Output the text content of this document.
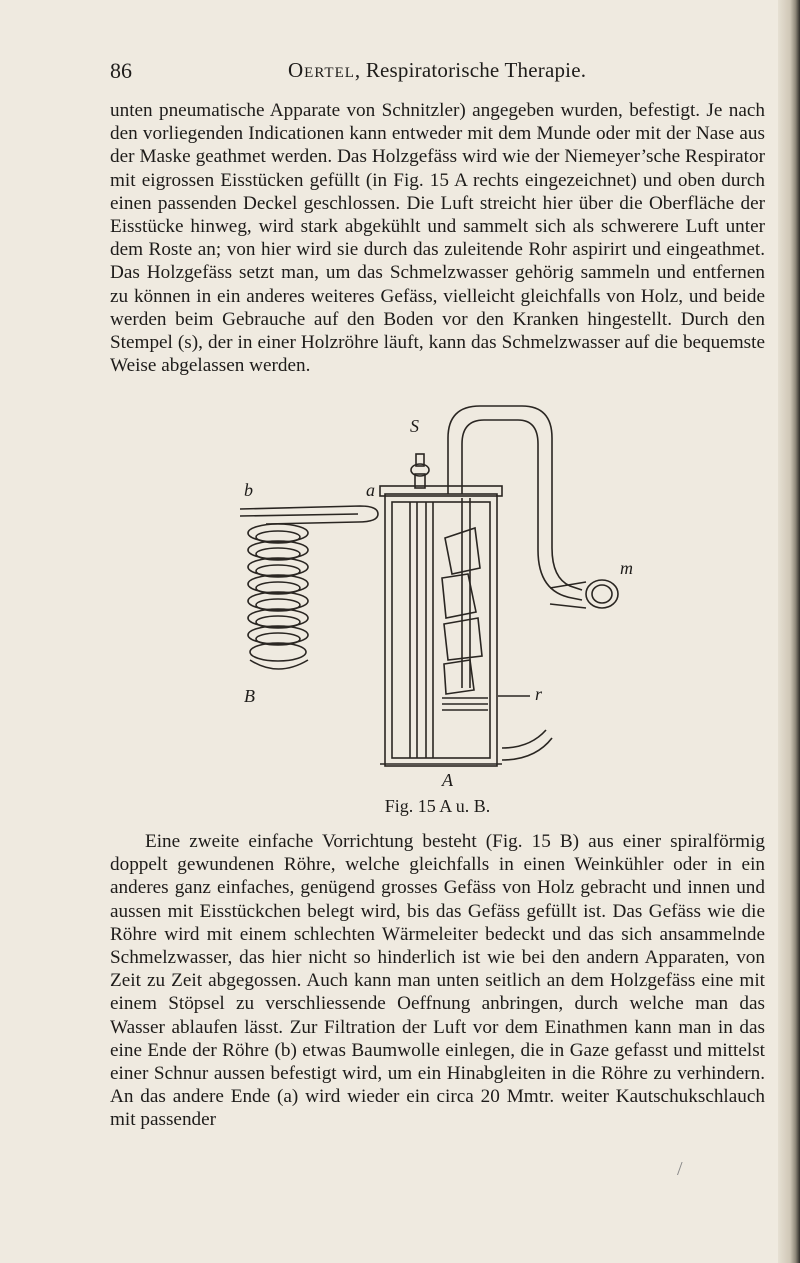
86	Oertel, Respiratorische Therapie.

unten pneumatische Apparate von Schnitzler) angegeben wurden, befestigt. Je nach den vorliegenden Indicationen kann entweder mit dem Munde oder mit der Nase aus der Maske geathmet werden. Das Holzgefäss wird wie der Niemeyer’sche Respirator mit eigrossen Eisstücken gefüllt (in Fig. 15 A rechts eingezeichnet) und oben durch einen passenden Deckel geschlossen. Die Luft streicht hier über die Oberfläche der Eisstücke hinweg, wird stark abgekühlt und sammelt sich als schwerere Luft unter dem Roste an; von hier wird sie durch das zuleitende Rohr aspirirt und eingeathmet. Das Holzgefäss setzt man, um das Schmelzwasser gehörig sammeln und entfernen zu können in ein anderes weiteres Gefäss, vielleicht gleichfalls von Holz, und beide werden beim Gebrauche auf den Boden vor den Kranken hingestellt. Durch den Stempel (s), der in einer Holzröhre läuft, kann das Schmelzwasser auf die bequemste Weise abgelassen werden.

S
b	a
B
m
r
A
Fig. 15 A u. B.

Eine zweite einfache Vorrichtung besteht (Fig. 15 B) aus einer spiralförmig doppelt gewundenen Röhre, welche gleichfalls in einen Weinkühler oder in ein anderes ganz einfaches, genügend grosses Gefäss von Holz gebracht und innen und aussen mit Eisstückchen belegt wird, bis das Gefäss gefüllt ist. Das Gefäss wie die Röhre wird mit einem schlechten Wärmeleiter bedeckt und das sich ansammelnde Schmelzwasser, das hier nicht so hinderlich ist wie bei den andern Apparaten, von Zeit zu Zeit abgegossen. Auch kann man unten seitlich an dem Holzgefäss eine mit einem Stöpsel zu verschliessende Oeffnung anbringen, durch welche man das Wasser ablaufen lässt. Zur Filtration der Luft vor dem Einathmen kann man in das eine Ende der Röhre (b) etwas Baumwolle einlegen, die in Gaze gefasst und mittelst einer Schnur aussen befestigt wird, um ein Hinabgleiten in die Röhre zu verhindern. An das andere Ende (a) wird wieder ein circa 20 Mmtr. weiter Kautschukschlauch mit passender

/
